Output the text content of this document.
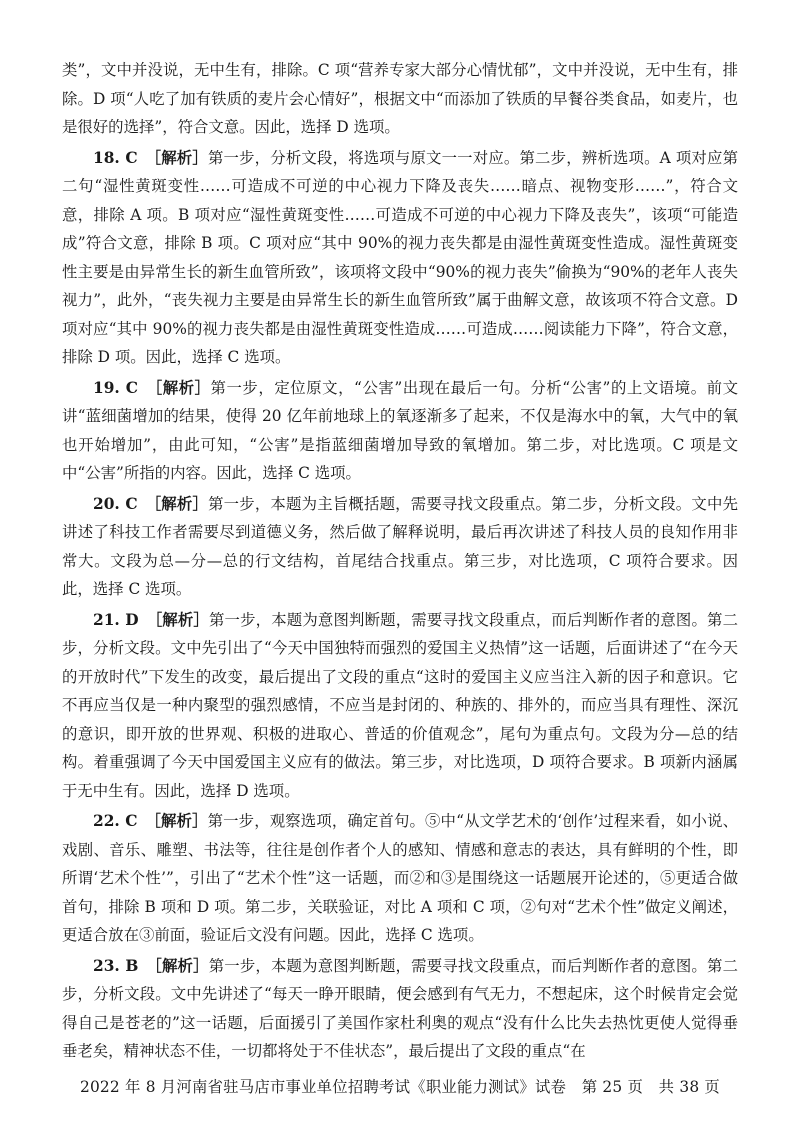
类”，文中并没说，无中生有，排除。C 项“营养专家大部分心情忧郁”，文中并没说，无中生有，排除。D 项“人吃了加有铁质的麦片会心情好”，根据文中“而添加了铁质的早餐谷类食品，如麦片，也是很好的选择”，符合文意。因此，选择 D 选项。

18. C　 ［解析］第一步，分析文段，将选项与原文一一对应。第二步，辨析选项。A 项对应第二句“湿性黄斑变性……可造成不可逆的中心视力下降及丧失……暗点、视物变形……”，符合文意，排除 A 项。B 项对应“湿性黄斑变性……可造成不可逆的中心视力下降及丧失”，该项“可能造成”符合文意，排除 B 项。C 项对应“其中 90%的视力丧失都是由湿性黄斑变性造成。湿性黄斑变性主要是由异常生长的新生血管所致”，该项将文段中“90%的视力丧失”偷换为“90%的老年人丧失视力”，此外，“丧失视力主要是由异常生长的新生血管所致”属于曲解文意，故该项不符合文意。D 项对应“其中 90%的视力丧失都是由湿性黄斑变性造成……可造成……阅读能力下降”，符合文意，排除 D 项。因此，选择 C 选项。

19. C　 ［解析］第一步，定位原文，“公害”出现在最后一句。分析“公害”的上文语境。前文讲“蓝细菌增加的结果，使得 20 亿年前地球上的氧逐渐多了起来，不仅是海水中的氧，大气中的氧也开始增加”，由此可知，“公害”是指蓝细菌增加导致的氧增加。第二步，对比选项。C 项是文中“公害”所指的内容。因此，选择 C 选项。

20. C　 ［解析］第一步，本题为主旨概括题，需要寻找文段重点。第二步，分析文段。文中先讲述了科技工作者需要尽到道德义务，然后做了解释说明，最后再次讲述了科技人员的良知作用非常大。文段为总—分—总的行文结构，首尾结合找重点。第三步，对比选项，C 项符合要求。因此，选择 C 选项。

21. D　 ［解析］第一步，本题为意图判断题，需要寻找文段重点，而后判断作者的意图。第二步，分析文段。文中先引出了“今天中国独特而强烈的爱国主义热情”这一话题，后面讲述了“在今天的开放时代”下发生的改变，最后提出了文段的重点“这时的爱国主义应当注入新的因子和意识。它不再应当仅是一种内聚型的强烈感情，不应当是封闭的、种族的、排外的，而应当具有理性、深沉的意识，即开放的世界观、积极的进取心、普适的价值观念”，尾句为重点句。文段为分—总的结构。着重强调了今天中国爱国主义应有的做法。第三步，对比选项，D 项符合要求。B 项新内涵属于无中生有。因此，选择 D 选项。

22. C　 ［解析］第一步，观察选项，确定首句。⑤中“从文学艺术的‘创作’过程来看，如小说、戏剧、音乐、雕塑、书法等，往往是创作者个人的感知、情感和意志的表达，具有鲜明的个性，即所谓‘艺术个性’”，引出了“艺术个性”这一话题，而②和③是围绕这一话题展开论述的，⑤更适合做首句，排除 B 项和 D 项。第二步，关联验证，对比 A 项和 C 项，②句对“艺术个性”做定义阐述，更适合放在③前面，验证后文没有问题。因此，选择 C 选项。

23. B　 ［解析］第一步，本题为意图判断题，需要寻找文段重点，而后判断作者的意图。第二步，分析文段。文中先讲述了“每天一睁开眼睛，便会感到有气无力，不想起床，这个时候肯定会觉得自己是苍老的”这一话题，后面援引了美国作家杜利奥的观点“没有什么比失去热忱更使人觉得垂垂老矣，精神状态不佳，一切都将处于不佳状态”，最后提出了文段的重点“在

2022 年 8 月河南省驻马店市事业单位招聘考试《职业能力测试》试卷　第 25 页　共 38 页
